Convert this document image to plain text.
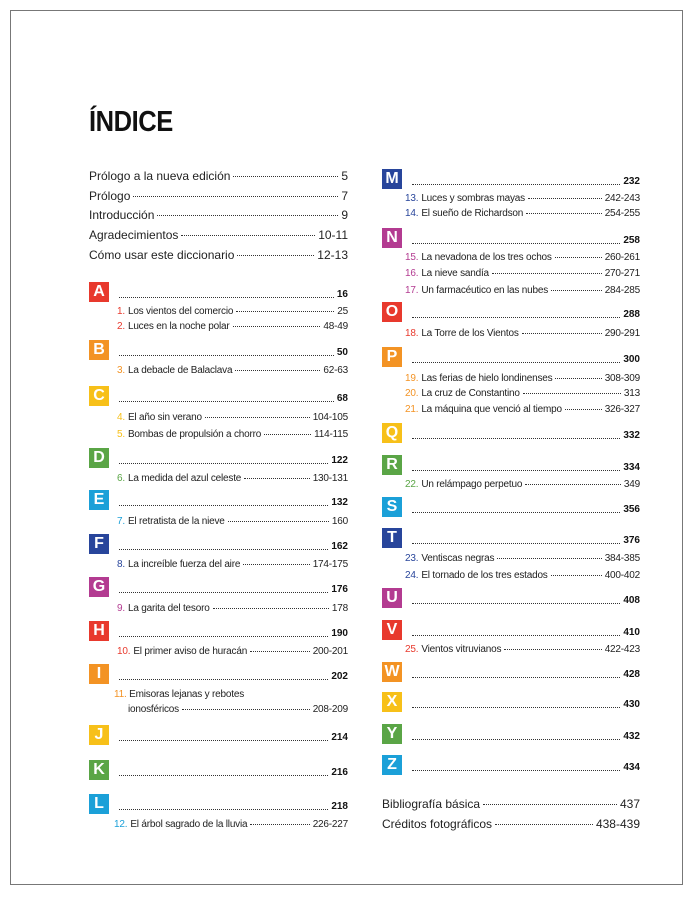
ÍNDICE
Prólogo a la nueva edición	5
Prólogo	7
Introducción	9
Agradecimientos	10-11
Cómo usar este diccionario	12-13
A	16
1. Los vientos del comercio	25
2. Luces en la noche polar	48-49
B	50
3. La debacle de Balaclava	62-63
C	68
4. El año sin verano	104-105
5. Bombas de propulsión a chorro	114-115
D	122
6. La medida del azul celeste	130-131
E	132
7. El retratista de la nieve	160
F	162
8. La increíble fuerza del aire	174-175
G	176
9. La garita del tesoro	178
H	190
10. El primer aviso de huracán	200-201
I	202
11. Emisoras lejanas y rebotes
ionosféricos	208-209
J	214
K	216
L	218
12. El árbol sagrado de la lluvia	226-227
M	232
13. Luces y sombras mayas	242-243
14. El sueño de Richardson	254-255
N	258
15. La nevadona de los tres ochos	260-261
16. La nieve sandía	270-271
17. Un farmacéutico en las nubes	284-285
O	288
18. La Torre de los Vientos	290-291
P	300
19. Las ferias de hielo londinenses	308-309
20. La cruz de Constantino	313
21. La máquina que venció al tiempo	326-327
Q	332
R	334
22. Un relámpago perpetuo	349
S	356
T	376
23. Ventiscas negras	384-385
24. El tornado de los tres estados	400-402
U	408
V	410
25. Vientos vitruvianos	422-423
W	428
X	430
Y	432
Z	434
Bibliografía básica	437
Créditos fotográficos	438-439
